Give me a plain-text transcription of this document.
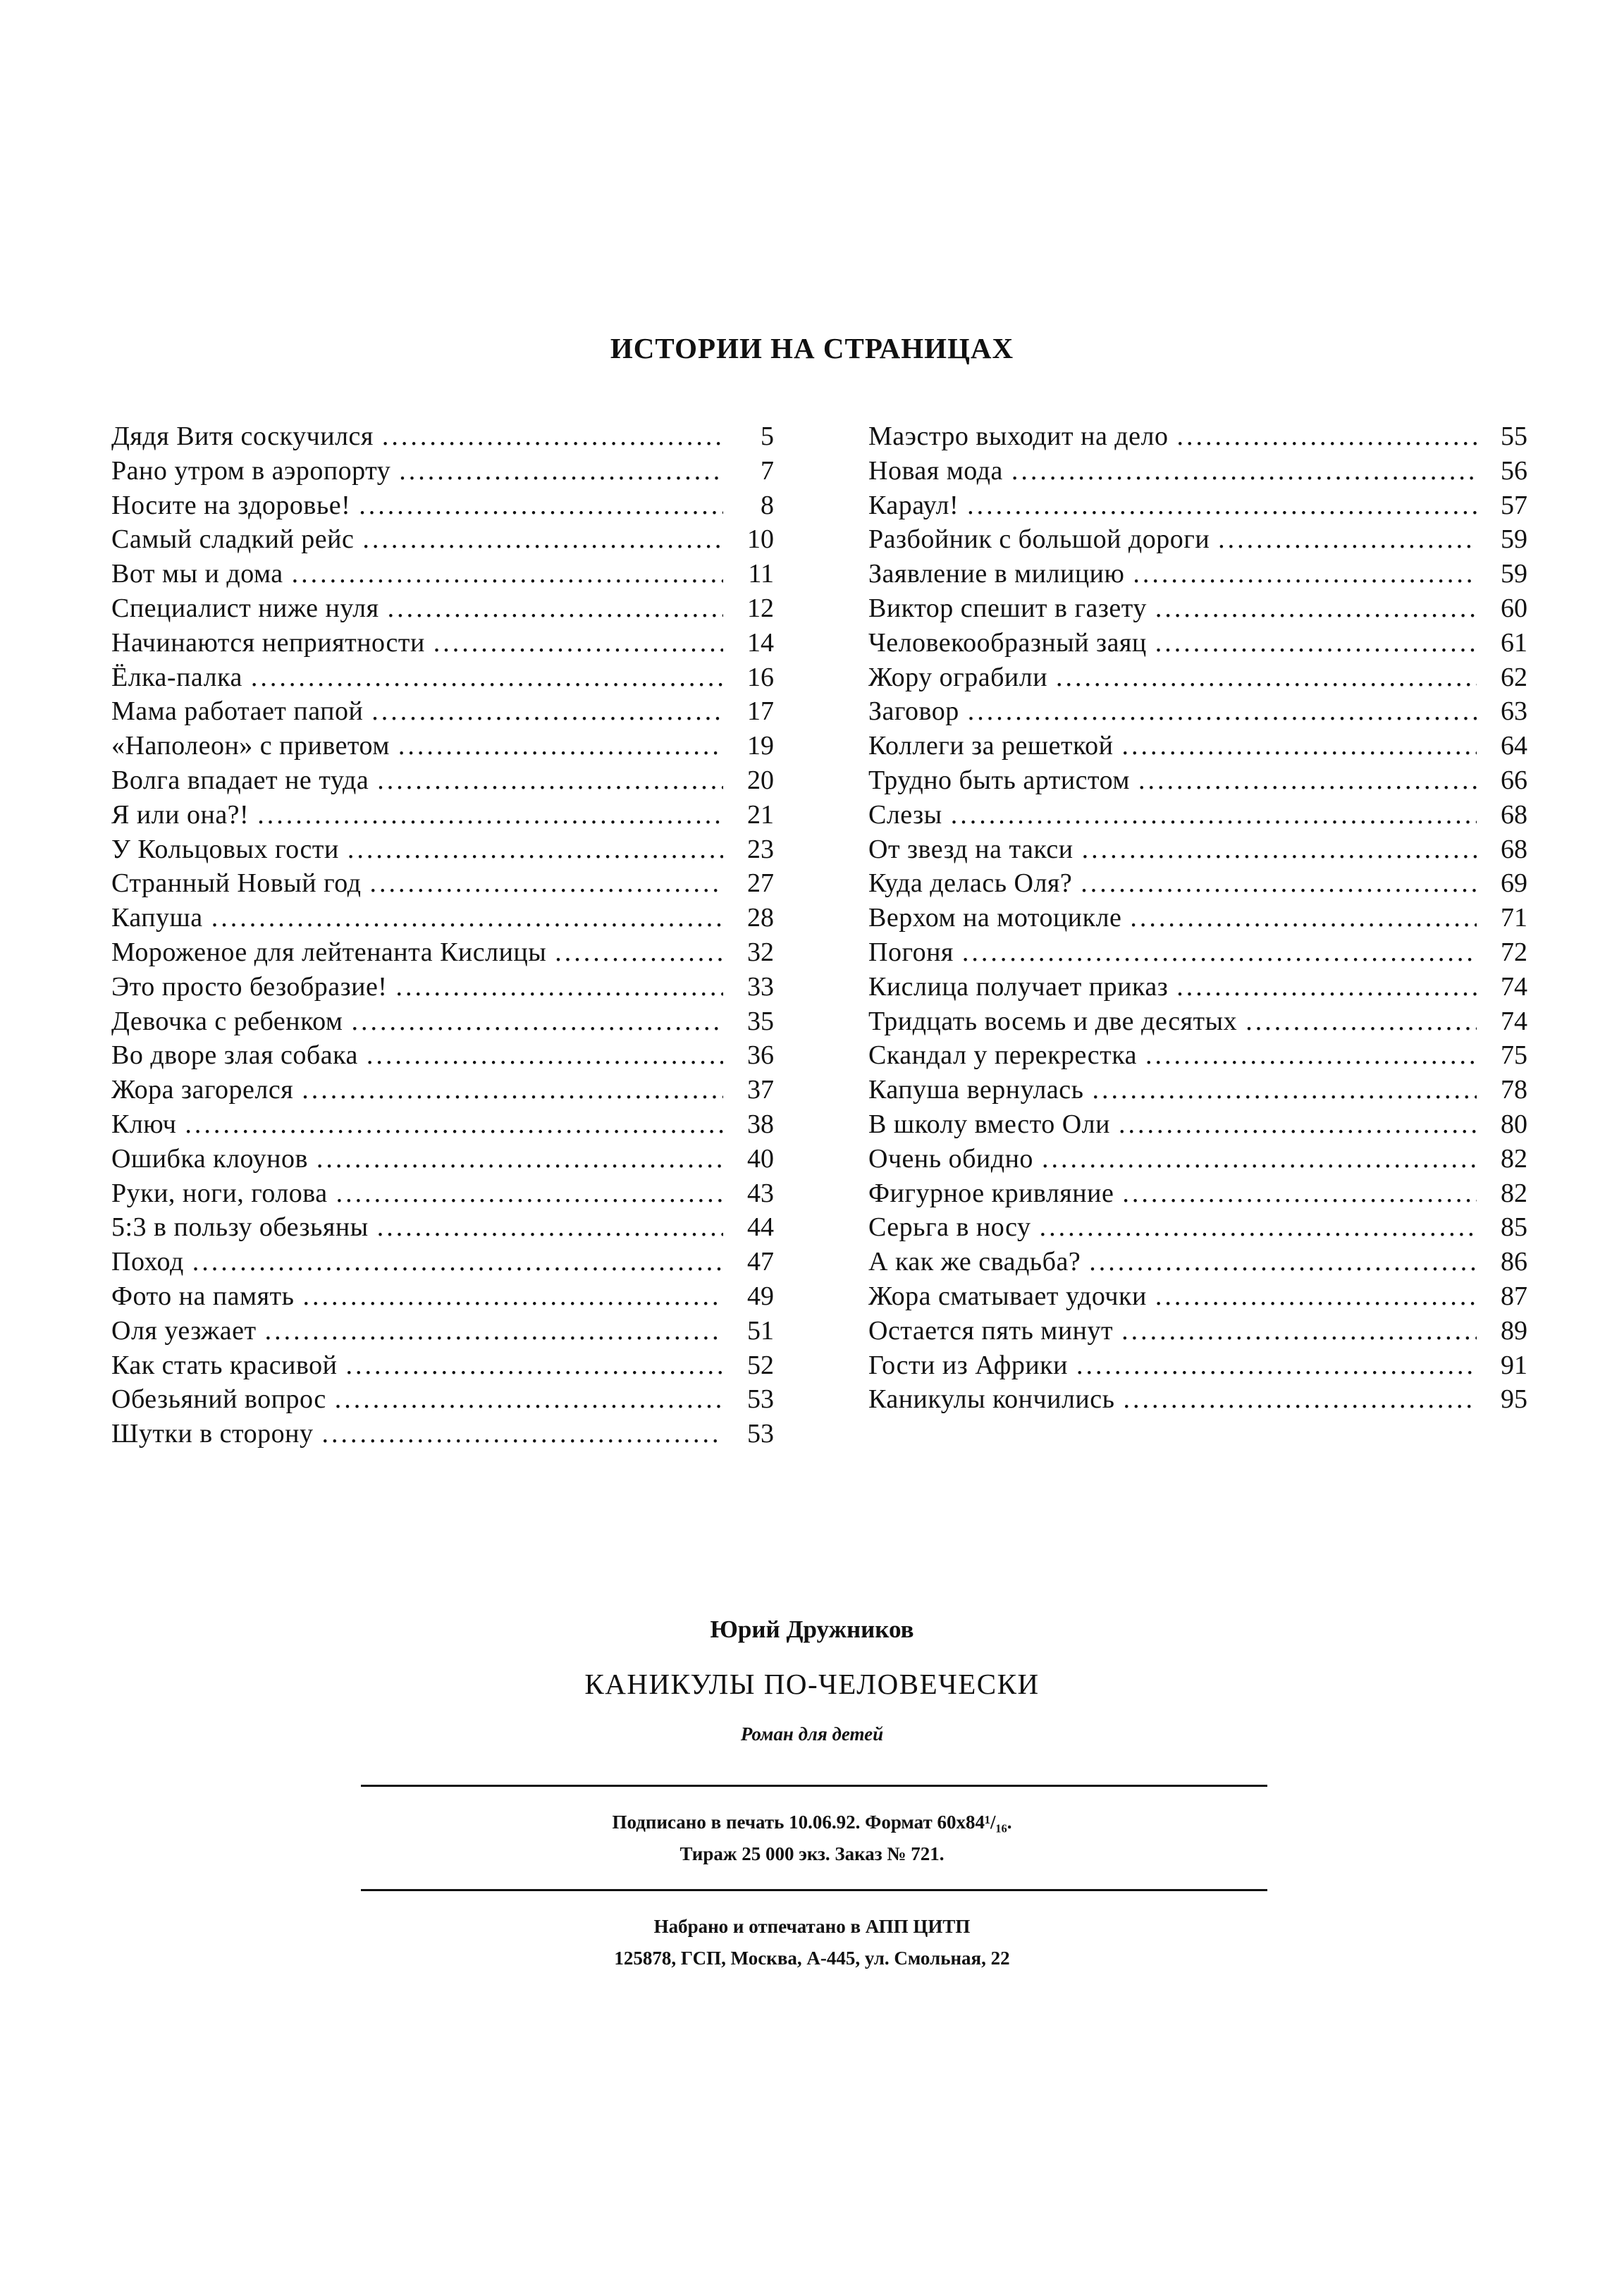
ИСТОРИИ НА СТРАНИЦАХ
Дядя Витя соскучился .....	5
Рано утром в аэропорту .....	7
Носите на здоровье! .....	8
Самый сладкий рейс .....	10
Вот мы и дома .....	11
Специалист ниже нуля .....	12
Начинаются неприятности .....	14
Ёлка-палка .....	16
Мама работает папой .....	17
«Наполеон» с приветом .....	19
Волга впадает не туда .....	20
Я или она?! .....	21
У Кольцовых гости .....	23
Странный Новый год .....	27
Капуша .....	28
Мороженое для лейтенанта Кислицы .....	32
Это просто безобразие! .....	33
Девочка с ребенком .....	35
Во дворе злая собака .....	36
Жора загорелся .....	37
Ключ .....	38
Ошибка клоунов .....	40
Руки, ноги, голова .....	43
5:3 в пользу обезьяны .....	44
Поход .....	47
Фото на память .....	49
Оля уезжает .....	51
Как стать красивой .....	52
Обезьяний вопрос .....	53
Шутки в сторону .....	53
Маэстро выходит на дело .....	55
Новая мода .....	56
Караул! .....	57
Разбойник с большой дороги .....	59
Заявление в милицию .....	59
Виктор спешит в газету .....	60
Человекообразный заяц .....	61
Жору ограбили .....	62
Заговор .....	63
Коллеги за решеткой .....	64
Трудно быть артистом .....	66
Слезы .....	68
От звезд на такси .....	68
Куда делась Оля? .....	69
Верхом на мотоцикле .....	71
Погоня .....	72
Кислица получает приказ .....	74
Тридцать восемь и две десятых .....	74
Скандал у перекрестка .....	75
Капуша вернулась .....	78
В школу вместо Оли .....	80
Очень обидно .....	82
Фигурное кривляние .....	82
Серьга в носу .....	85
А как же свадьба? .....	86
Жора сматывает удочки .....	87
Остается пять минут .....	89
Гости из Африки .....	91
Каникулы кончились .....	95
Юрий Дружников
КАНИКУЛЫ ПО-ЧЕЛОВЕЧЕСКИ
Роман для детей
Подписано в печать 10.06.92. Формат 60x84¹/₁₆.
Тираж 25 000 экз. Заказ № 721.
Набрано и отпечатано в АПП ЦИТП
125878, ГСП, Москва, А-445, ул. Смольная, 22
